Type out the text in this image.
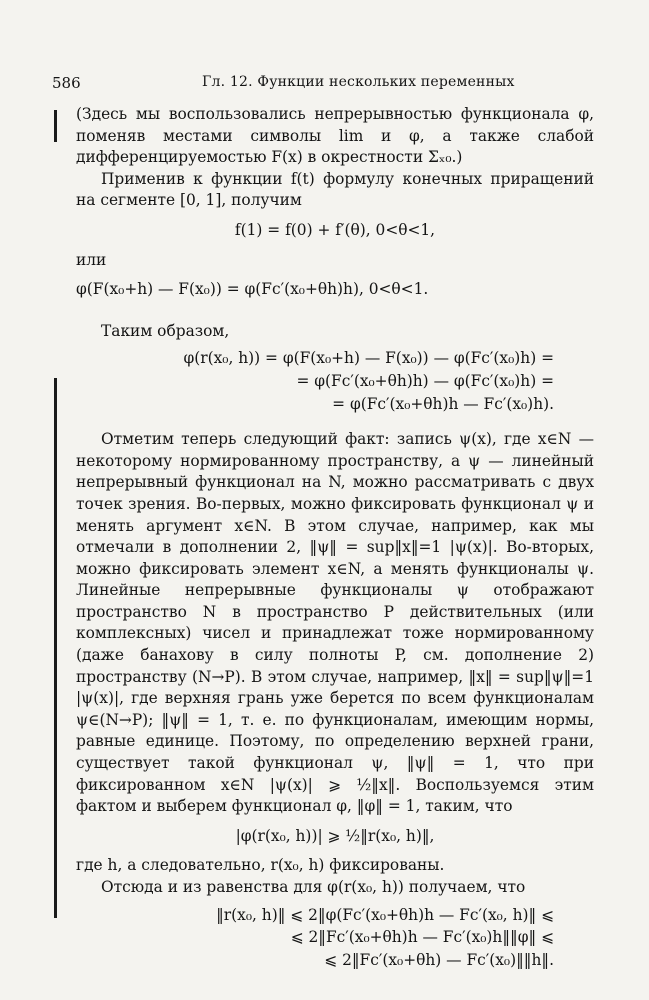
586	Гл. 12. Функции нескольких переменных

(Здесь мы воспользовались непрерывностью функционала φ, поменяв местами символы lim и φ, а также слабой дифференцируемостью F(x) в окрестности Σₓ₀.)

Применив к функции f(t) формулу конечных приращений на сегменте [0, 1], получим

f(1) = f(0) + f′(θ), 0<θ<1,

или

φ(F(x₀+h) — F(x₀)) = φ(Fc′(x₀+θh)h), 0<θ<1.

Таким образом,

φ(r(x₀, h)) = φ(F(x₀+h) — F(x₀)) — φ(Fc′(x₀)h) =
= φ(Fc′(x₀+θh)h) — φ(Fc′(x₀)h) =
= φ(Fc′(x₀+θh)h — Fc′(x₀)h).

Отметим теперь следующий факт: запись ψ(x), где x∈N — некоторому нормированному пространству, а ψ — линейный непрерывный функционал на N, можно рассматривать с двух точек зрения. Во-первых, можно фиксировать функционал ψ и менять аргумент x∈N. В этом случае, например, как мы отмечали в дополнении 2, ‖ψ‖ = sup‖x‖=1 |ψ(x)|. Во-вторых, можно фиксировать элемент x∈N, а менять функционалы ψ. Линейные непрерывные функционалы ψ отображают пространство N в пространство P действительных (или комплексных) чисел и принадлежат тоже нормированному (даже банахову в силу полноты P, см. дополнение 2) пространству (N→P). В этом случае, например, ‖x‖ = sup‖ψ‖=1 |ψ(x)|, где верхняя грань уже берется по всем функционалам ψ∈(N→P); ‖ψ‖ = 1, т. е. по функционалам, имеющим нормы, равные единице. Поэтому, по определению верхней грани, существует такой функционал ψ, ‖ψ‖ = 1, что при фиксированном x∈N |ψ(x)| ⩾ ½‖x‖. Воспользуемся этим фактом и выберем функционал φ, ‖φ‖ = 1, таким, что

|φ(r(x₀, h))| ⩾ ½‖r(x₀, h)‖,

где h, а следовательно, r(x₀, h) фиксированы.

Отсюда и из равенства для φ(r(x₀, h)) получаем, что

‖r(x₀, h)‖ ⩽ 2‖φ(Fc′(x₀+θh)h — Fc′(x₀, h)‖ ⩽
⩽ 2‖Fc′(x₀+θh)h — Fc′(x₀)h‖‖φ‖ ⩽
⩽ 2‖Fc′(x₀+θh) — Fc′(x₀)‖‖h‖.
